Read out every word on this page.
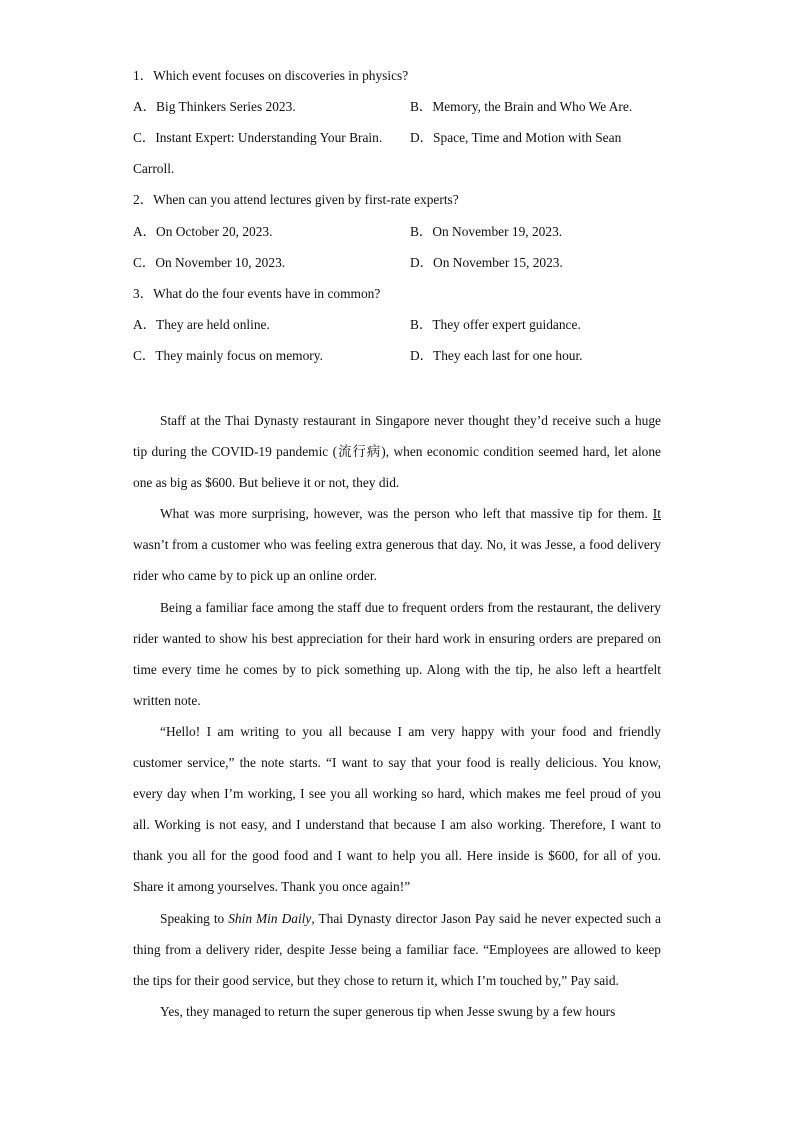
1．Which event focuses on discoveries in physics?
A．Big Thinkers Series 2023.	B．Memory, the Brain and Who We Are.
C．Instant Expert: Understanding Your Brain. D．Space, Time and Motion with Sean
Carroll.
2．When can you attend lectures given by first-rate experts?
A．On October 20, 2023.	B．On November 19, 2023.
C．On November 10, 2023.	D．On November 15, 2023.
3．What do the four events have in common?
A．They are held online.	B．They offer expert guidance.
C．They mainly focus on memory.	D．They each last for one hour.

Staff at the Thai Dynasty restaurant in Singapore never thought they’d receive such a huge tip during the COVID-19 pandemic (流行病), when economic condition seemed hard, let alone one as big as $600. But believe it or not, they did.

What was more surprising, however, was the person who left that massive tip for them. It wasn’t from a customer who was feeling extra generous that day. No, it was Jesse, a food delivery rider who came by to pick up an online order.

Being a familiar face among the staff due to frequent orders from the restaurant, the delivery rider wanted to show his best appreciation for their hard work in ensuring orders are prepared on time every time he comes by to pick something up. Along with the tip, he also left a heartfelt written note.

“Hello! I am writing to you all because I am very happy with your food and friendly customer service,” the note starts. “I want to say that your food is really delicious. You know, every day when I’m working, I see you all working so hard, which makes me feel proud of you all. Working is not easy, and I understand that because I am also working. Therefore, I want to thank you all for the good food and I want to help you all. Here inside is $600, for all of you. Share it among yourselves. Thank you once again!”

Speaking to Shin Min Daily, Thai Dynasty director Jason Pay said he never expected such a thing from a delivery rider, despite Jesse being a familiar face. “Employees are allowed to keep the tips for their good service, but they chose to return it, which I’m touched by,” Pay said.

Yes, they managed to return the super generous tip when Jesse swung by a few hours
